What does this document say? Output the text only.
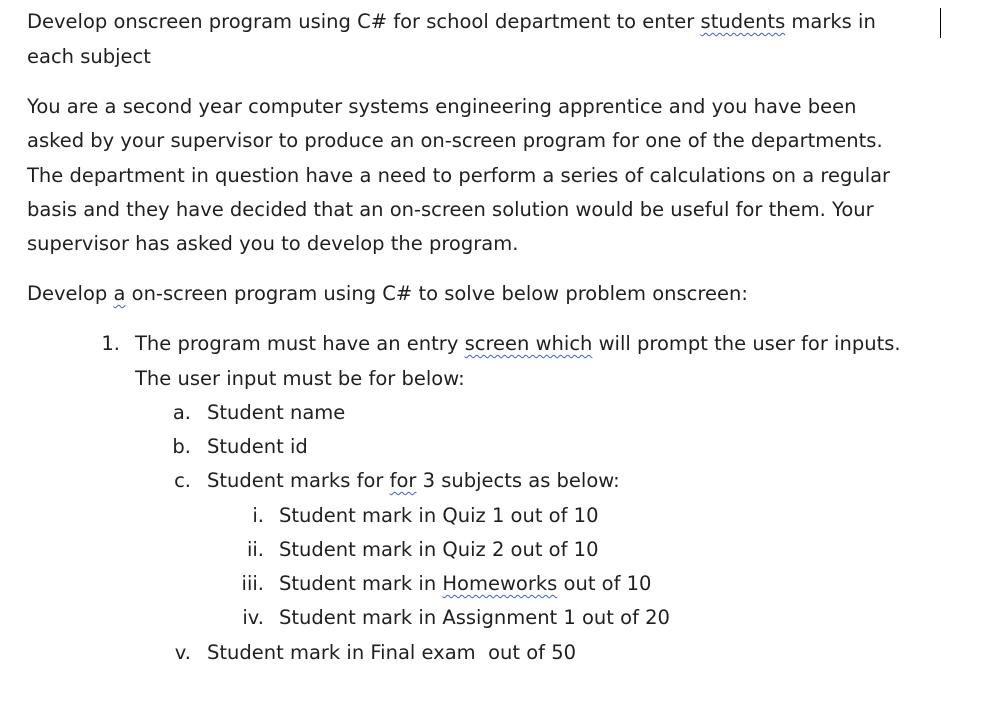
Develop onscreen program using C# for school department to enter students marks in
each subject
You are a second year computer systems engineering apprentice and you have been
asked by your supervisor to produce an on-screen program for one of the departments.
The department in question have a need to perform a series of calculations on a regular
basis and they have decided that an on-screen solution would be useful for them. Your
supervisor has asked you to develop the program.
Develop a on-screen program using C# to solve below problem onscreen:
1. The program must have an entry screen which will prompt the user for inputs.
The user input must be for below:
a. Student name
b. Student id
c. Student marks for for 3 subjects as below:
i. Student mark in Quiz 1 out of 10
ii. Student mark in Quiz 2 out of 10
iii. Student mark in Homeworks out of 10
iv. Student mark in Assignment 1 out of 20
v. Student mark in Final exam  out of 50
